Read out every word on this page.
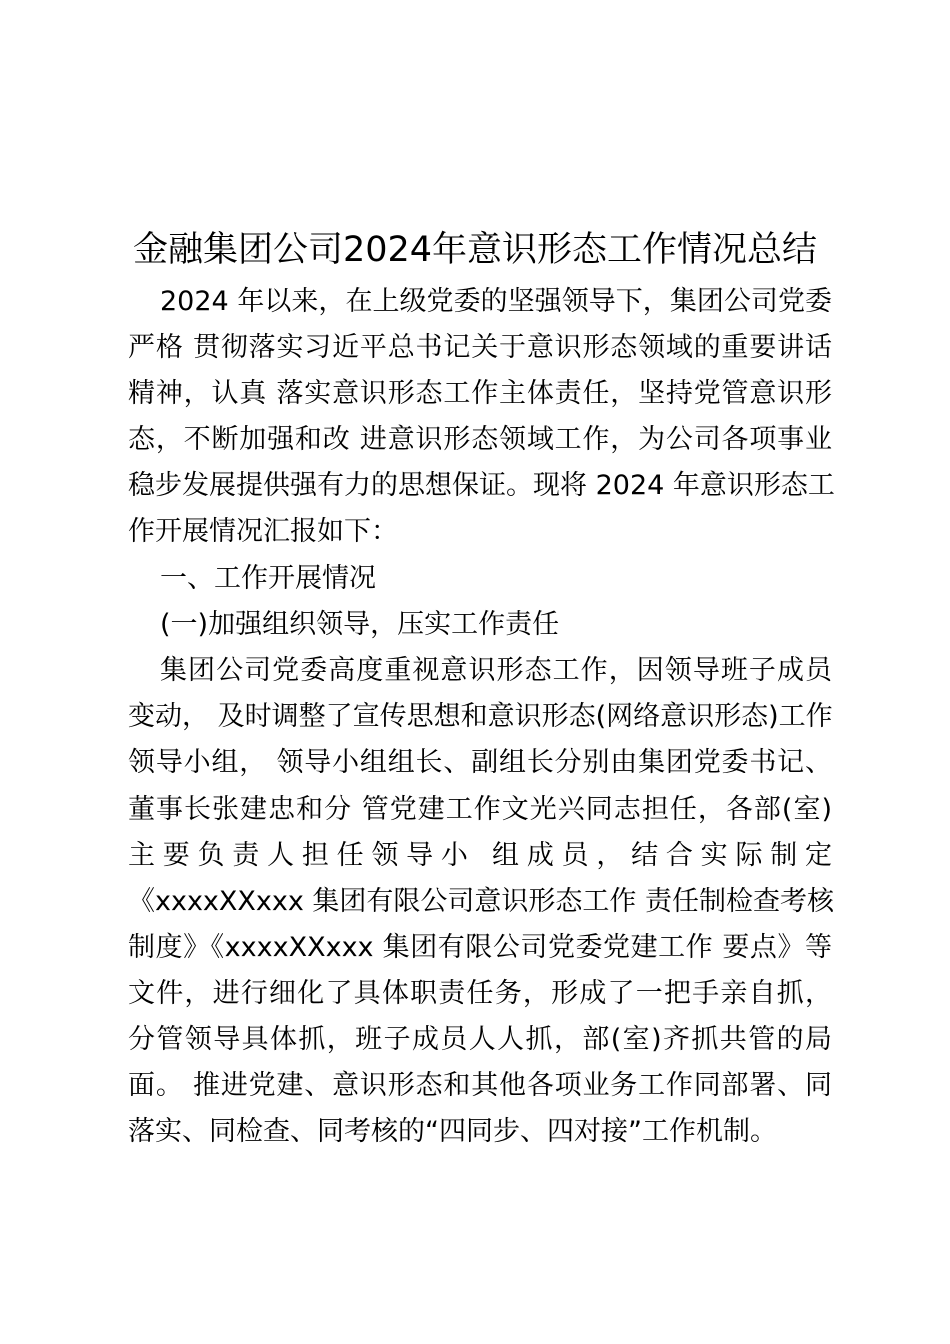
金融集团公司2024年意识形态工作情况总结
2024 年以来，在上级党委的坚强领导下，集团公司党委
严格 贯彻落实习近平总书记关于意识形态领域的重要讲话
精神，认真 落实意识形态工作主体责任，坚持党管意识形
态，不断加强和改 进意识形态领域工作，为公司各项事业
稳步发展提供强有力的思想保证。现将 2024 年意识形态工
作开展情况汇报如下：
一、工作开展情况
(一)加强组织领导，压实工作责任
集团公司党委高度重视意识形态工作，因领导班子成员
变动， 及时调整了宣传思想和意识形态(网络意识形态)工作
领导小组， 领导小组组长、副组长分别由集团党委书记、
董事长张建忠和分 管党建工作文光兴同志担任，各部(室)
主要负责人担任领导小 组成员，结合实际制定
《xxxxXXxxx 集团有限公司意识形态工作 责任制检查考核
制度》《xxxxXXxxx 集团有限公司党委党建工作 要点》等
文件，进行细化了具体职责任务，形成了一把手亲自抓，
分管领导具体抓，班子成员人人抓，部(室)齐抓共管的局
面。 推进党建、意识形态和其他各项业务工作同部署、同
落实、同检查、同考核的“四同步、四对接”工作机制。
